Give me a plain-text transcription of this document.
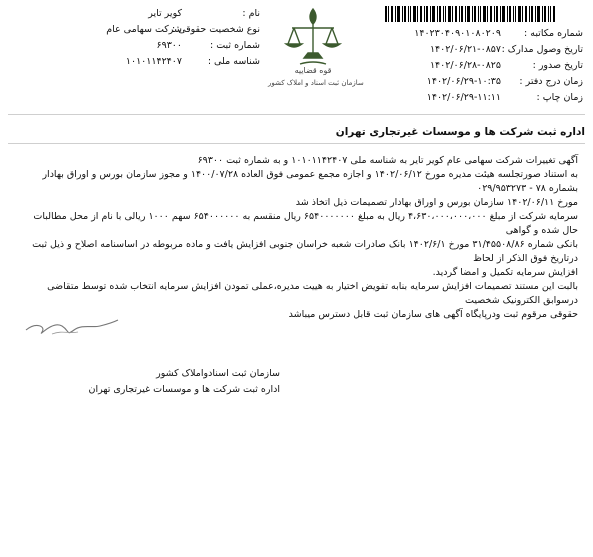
نام :
کویر تایر
نوع شخصیت حقوقی :
شرکت سهامی عام
شماره ثبت :
۶۹۳۰۰
شناسه ملی :
۱۰۱۰۱۱۴۲۴۰۷
قوه قضاییه
سازمان ثبت اسناد و املاک کشور
شماره مکاتبه :
۱۴۰۲۳۰۴۰۹۰۱۰۸۰۲۰۹
تاریخ وصول مدارک :
۱۴۰۲/۰۶/۲۱-۰۸۵۷
تاریخ صدور :
۱۴۰۲/۰۶/۲۸-۰۸۲۵
زمان درج دفتر :
۱۴۰۲/۰۶/۲۹-۱۰:۳۵
زمان چاپ :
۱۴۰۲/۰۶/۲۹-۱۱:۱۱
اداره ثبت شرکت ها و موسسات غیرتجاری تهران

آگهی تغییرات شرکت سهامی عام کویر تایر به شناسه ملی ۱۰۱۰۱۱۴۲۴۰۷ و به شماره ثبت ۶۹۳۰۰

به استناد صورتجلسه هیئت مدیره مورخ ۱۴۰۲/۰۶/۱۲ و اجازه مجمع عمومی فوق العاده ۱۴۰۰/۰۷/۲۸ و مجوز سازمان بورس و اوراق بهادار بشماره ۷۸ - ۰۲۹/۹۵۳۲۷۳

مورخ ۱۴۰۲/۰۶/۱۱ سازمان بورس و اوراق بهادار تصمیمات ذیل اتخاذ شد

سرمایه شرکت از مبلغ ۴،۶۳۰،۰۰۰،۰۰۰،۰۰۰ ریال به مبلغ ۶۵۴۰۰۰۰۰۰۰ ریال منقسم به ۶۵۴۰۰۰۰۰۰ سهم ۱۰۰۰ ریالی با نام از محل مطالبات حال شده و گواهی

بانکی شماره ۳۱/۴۵۵۰۸/۸۶ مورخ ۱۴۰۲/۶/۱ بانک صادرات شعبه خراسان جنوبی افزایش یافت و ماده مربوطه در اساسنامه اصلاح و ذیل ثبت درتاریخ فوق الذکر از لحاظ

افزایش سرمایه تکمیل و امضا گردید.

بالبت این مستند تصمیمات افزایش سرمایه بنابه تفویض اختیار به هییت مدیره،عملی تمودن افزایش سرمایه انتخاب شده توسط متقاضی درسوابق الکترونیک شخصیت

حقوقی مرقوم ثبت ودرپایگاه آگهی های سازمان ثبت قابل دسترس میباشد

سازمان ثبت اسنادواملاک کشور
اداره ثبت شرکت ها و موسسات غیرتجاری تهران
